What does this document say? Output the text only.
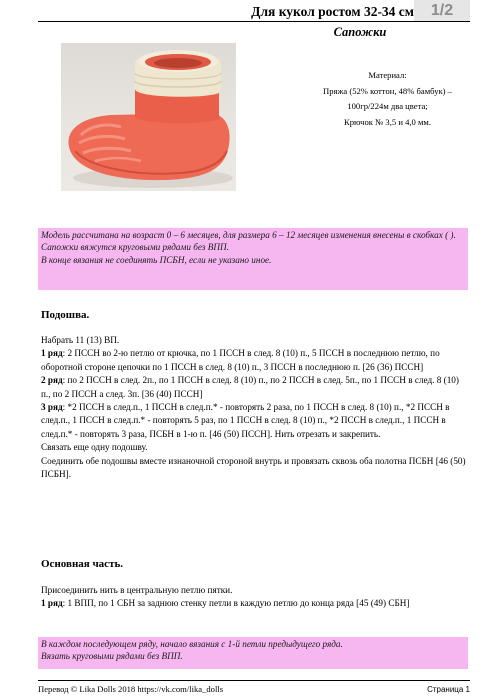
Для кукол ростом 32-34 см	1/2
Сапожки
Материал:
Пряжа (52% коттон, 48% бамбук) –
100гр/224м два цвета;
Крючок № 3,5 и 4,0 мм.

Модель рассчитана на возраст 0 – 6 месяцев, для размера 6 – 12 месяцев изменения внесены в скобках ( ).

Сапожки вяжутся круговыми рядами без ВПП.

В конце вязания не соединять ПСБН, если не указано иное.

Подошва.

Набрать 11 (13) ВП.

1 ряд: 2 ПССН во 2-ю петлю от крючка, по 1 ПССН в след. 8 (10) п., 5 ПССН в последнюю петлю, по оборотной стороне цепочки по 1 ПССН в след. 8 (10) п., 3 ПССН в последнюю п. [26 (36) ПССН]

2 ряд: по 2 ПССН в след. 2п., по 1 ПССН в след. 8 (10) п., по 2 ПССН в след. 5п., по 1 ПССН в след. 8 (10) п., по 2 ПССН а след. 3п. [36 (40) ПССН]

3 ряд: *2 ПССН в след.п., 1 ПССН в след.п.* - повторять 2 раза, по 1 ПССН в след. 8 (10) п., *2 ПССН в след.п., 1 ПССН в след.п.* - повторять 5 раз, по 1 ПССН в след. 8 (10) п., *2 ПССН в след.п., 1 ПССН в след.п.* - повторять 3 раза, ПСБН в 1-ю п. [46 (50) ПССН]. Нить отрезать и закрепить.

Связать еще одну подошву.

Соединить обе подошвы вместе изнаночной стороной внутрь и провязать сквозь оба полотна ПСБН [46 (50) ПСБН].

Основная часть.

Присоединить нить в центральную петлю пятки.

1 ряд: 1 ВПП, по 1 СБН за заднюю стенку петли в каждую петлю до конца ряда [45 (49) СБН]

В каждом последующем ряду, начало вязания с 1-й петли предыдущего ряда.

Вязать круговыми рядами без ВПП.

Перевод © Lika Dolls 2018 https://vk.com/lika_dolls	Страница 1
